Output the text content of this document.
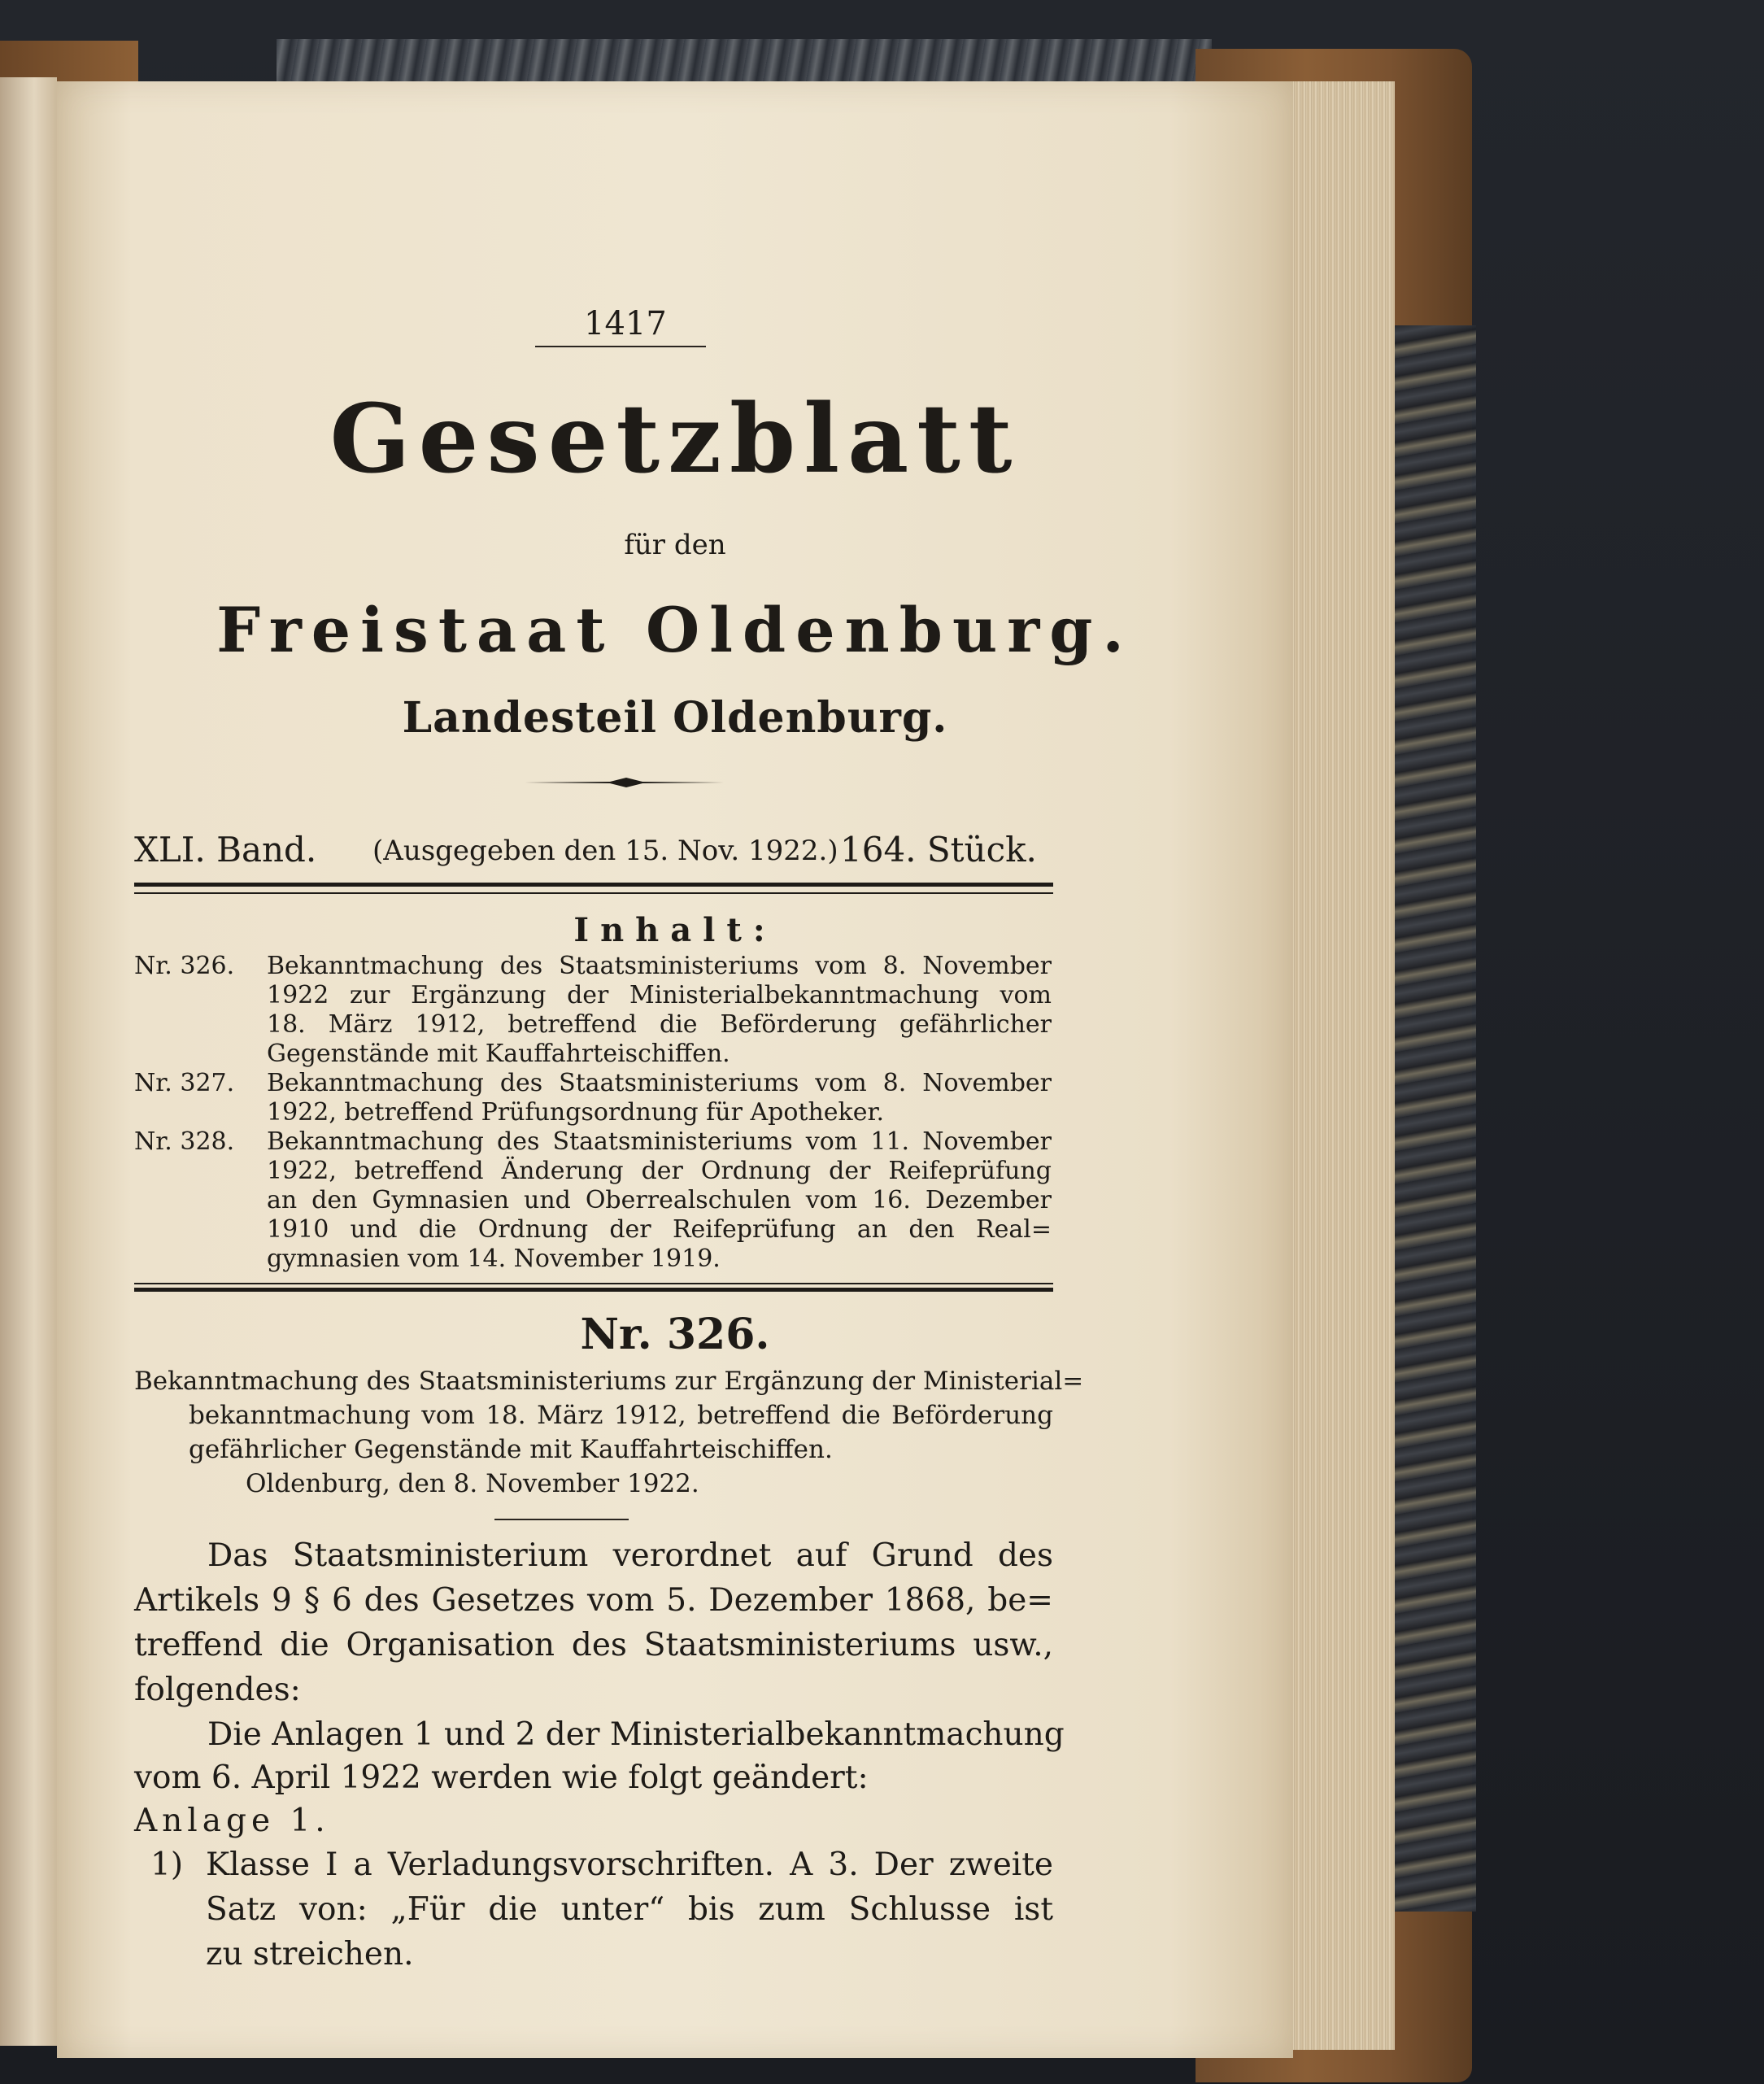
1417
Gesetzblatt
für den
Freistaat Oldenburg.
Landesteil Oldenburg.
XLI. Band. (Ausgegeben den 15. Nov. 1922.) 164. Stück.
Inhalt:
Nr. 326. Bekanntmachung des Staatsministeriums vom 8. November
1922 zur Ergänzung der Ministerialbekanntmachung vom
18. März 1912, betreffend die Beförderung gefährlicher
Gegenstände mit Kauffahrteischiffen.
Nr. 327. Bekanntmachung des Staatsministeriums vom 8. November
1922, betreffend Prüfungsordnung für Apotheker.
Nr. 328. Bekanntmachung des Staatsministeriums vom 11. November
1922, betreffend Änderung der Ordnung der Reifeprüfung
an den Gymnasien und Oberrealschulen vom 16. Dezember
1910 und die Ordnung der Reifeprüfung an den Real=
gymnasien vom 14. November 1919.
Nr. 326.
Bekanntmachung des Staatsministeriums zur Ergänzung der Ministerial=
bekanntmachung vom 18. März 1912, betreffend die Beförderung
gefährlicher Gegenstände mit Kauffahrteischiffen.
Oldenburg, den 8. November 1922.
Das Staatsministerium verordnet auf Grund des
Artikels 9 § 6 des Gesetzes vom 5. Dezember 1868, be=
treffend die Organisation des Staatsministeriums usw.,
folgendes:
Die Anlagen 1 und 2 der Ministerialbekanntmachung
vom 6. April 1922 werden wie folgt geändert:
Anlage 1.
1) Klasse I a Verladungsvorschriften. A 3. Der zweite
Satz von: „Für die unter“ bis zum Schlusse ist
zu streichen.
